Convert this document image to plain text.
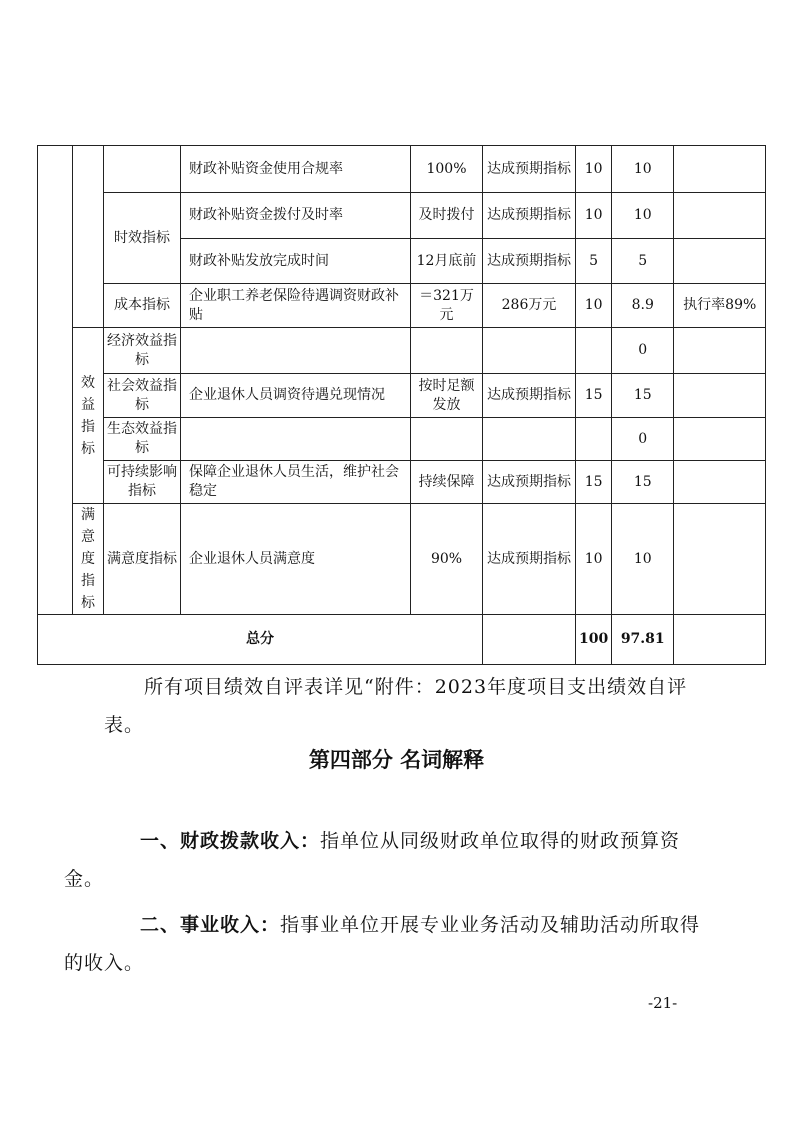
			财政补贴资金使用合规率	100%	达成预期指标	10	10	
		时效指标	财政补贴资金拨付及时率	及时拨付	达成预期指标	10	10	
			财政补贴发放完成时间	12月底前	达成预期指标	5	5	
		成本指标	企业职工养老保险待遇调资财政补贴	＝321万元	286万元	10	8.9	执行率89%
	效益指标	经济效益指标					0	
		社会效益指标	企业退休人员调资待遇兑现情况	按时足额发放	达成预期指标	15	15	
		生态效益指标					0	
		可持续影响指标	保障企业退休人员生活，维护社会稳定	持续保障	达成预期指标	15	15	
	满意度指标	满意度指标	企业退休人员满意度	90%	达成预期指标	10	10	
总分						100	97.81	
所有项目绩效自评表详见“附件：2023年度项目支出绩效自评表。
第四部分 名词解释
一、财政拨款收入：指单位从同级财政单位取得的财政预算资金。
二、事业收入：指事业单位开展专业业务活动及辅助活动所取得的收入。
-21-
